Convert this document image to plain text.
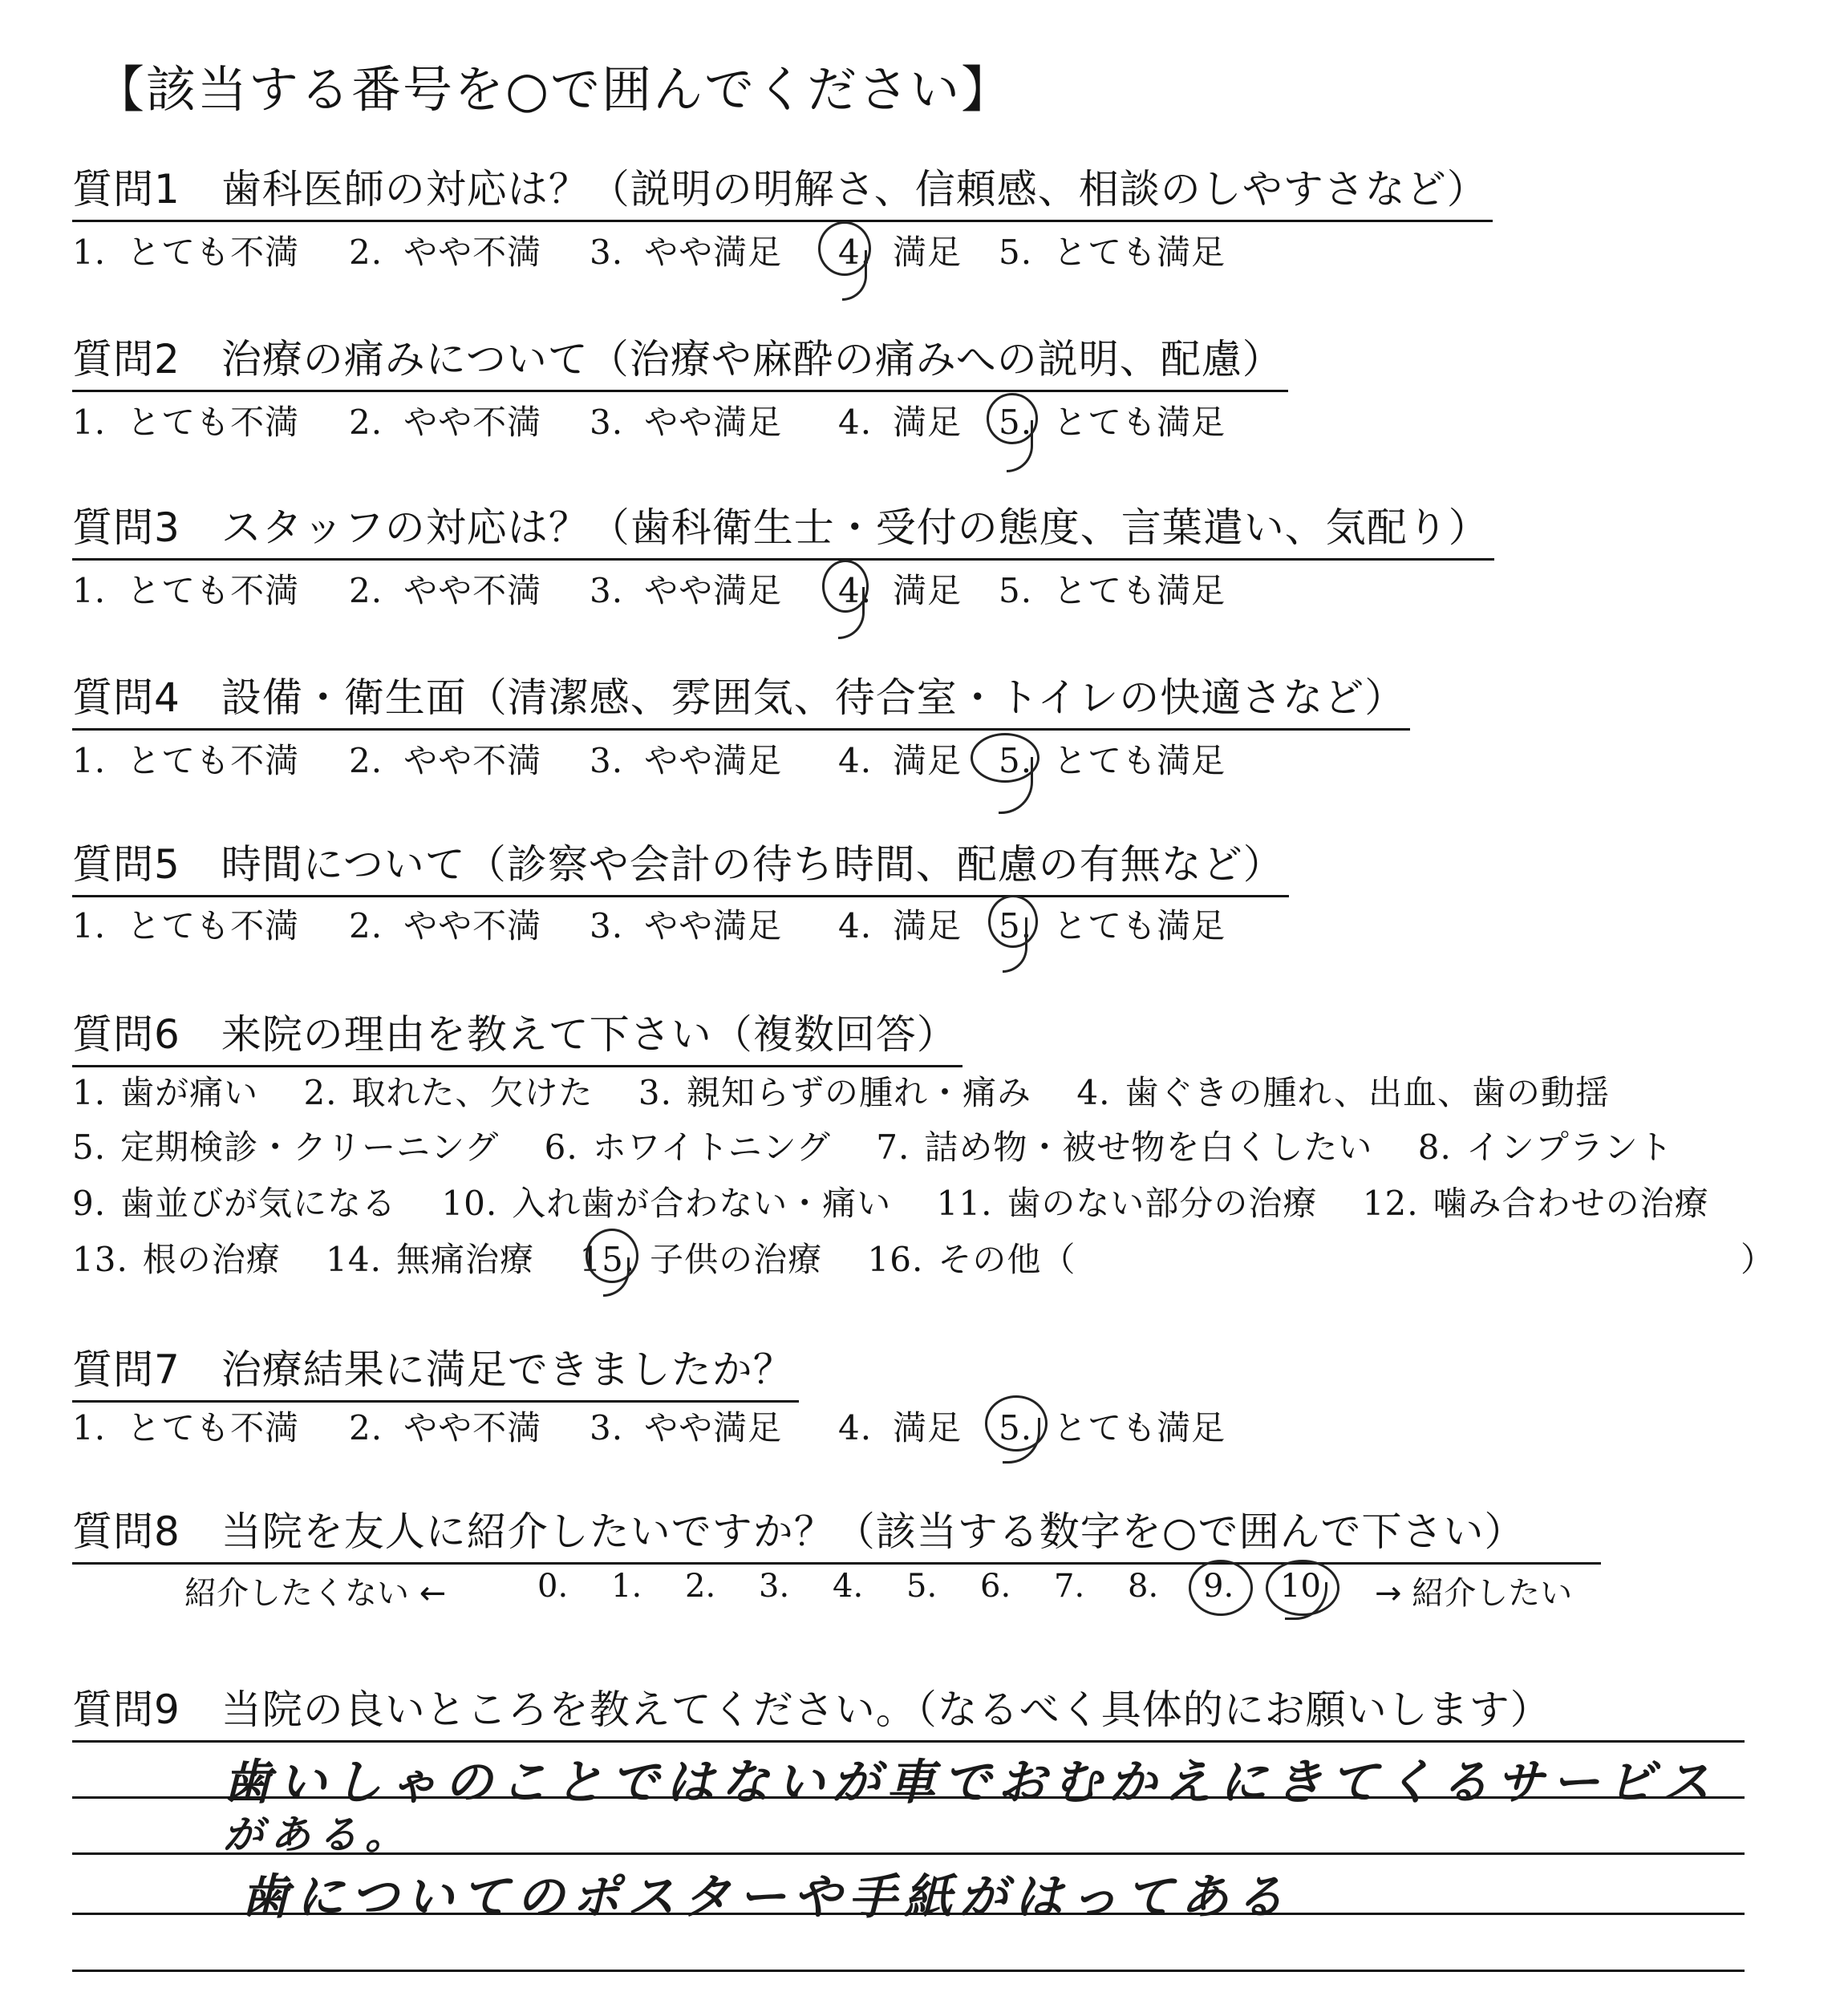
【該当する番号を○で囲んでください】
質問1　歯科医師の対応は？（説明の明解さ、信頼感、相談のしやすさなど）
1. とても不満 2. やや不満 3. やや満足 4. 満足 5. とても満足
質問2　治療の痛みについて（治療や麻酔の痛みへの説明、配慮）
1. とても不満 2. やや不満 3. やや満足 4. 満足 5. とても満足
質問3　スタッフの対応は？（歯科衛生士・受付の態度、言葉遣い、気配り）
1. とても不満 2. やや不満 3. やや満足 4. 満足 5. とても満足
質問4　設備・衛生面（清潔感、雰囲気、待合室・トイレの快適さなど）
1. とても不満 2. やや不満 3. やや満足 4. 満足 5. とても満足
質問5　時間について（診察や会計の待ち時間、配慮の有無など）
1. とても不満 2. やや不満 3. やや満足 4. 満足 5. とても満足
質問6　来院の理由を教えて下さい（複数回答）
1. 歯が痛い 2. 取れた、欠けた 3. 親知らずの腫れ・痛み 4. 歯ぐきの腫れ、出血、歯の動揺
5. 定期検診・クリーニング 6. ホワイトニング 7. 詰め物・被せ物を白くしたい 8. インプラント
9. 歯並びが気になる 10. 入れ歯が合わない・痛い 11. 歯のない部分の治療 12. 噛み合わせの治療
13. 根の治療 14. 無痛治療 15. 子供の治療 16. その他（	）
質問7　治療結果に満足できましたか？
1. とても不満 2. やや不満 3. やや満足 4. 満足 5. とても満足
質問8　当院を友人に紹介したいですか？（該当する数字を○で囲んで下さい）
紹介したくない ←	0. 1. 2. 3. 4. 5. 6. 7. 8. 9. 10 → 紹介したい
質問9　当院の良いところを教えてください。（なるべく具体的にお願いします）
歯いしゃのことではないが車でおむかえにきてくるサービス
がある。
歯についてのポスターや手紙がはってある
